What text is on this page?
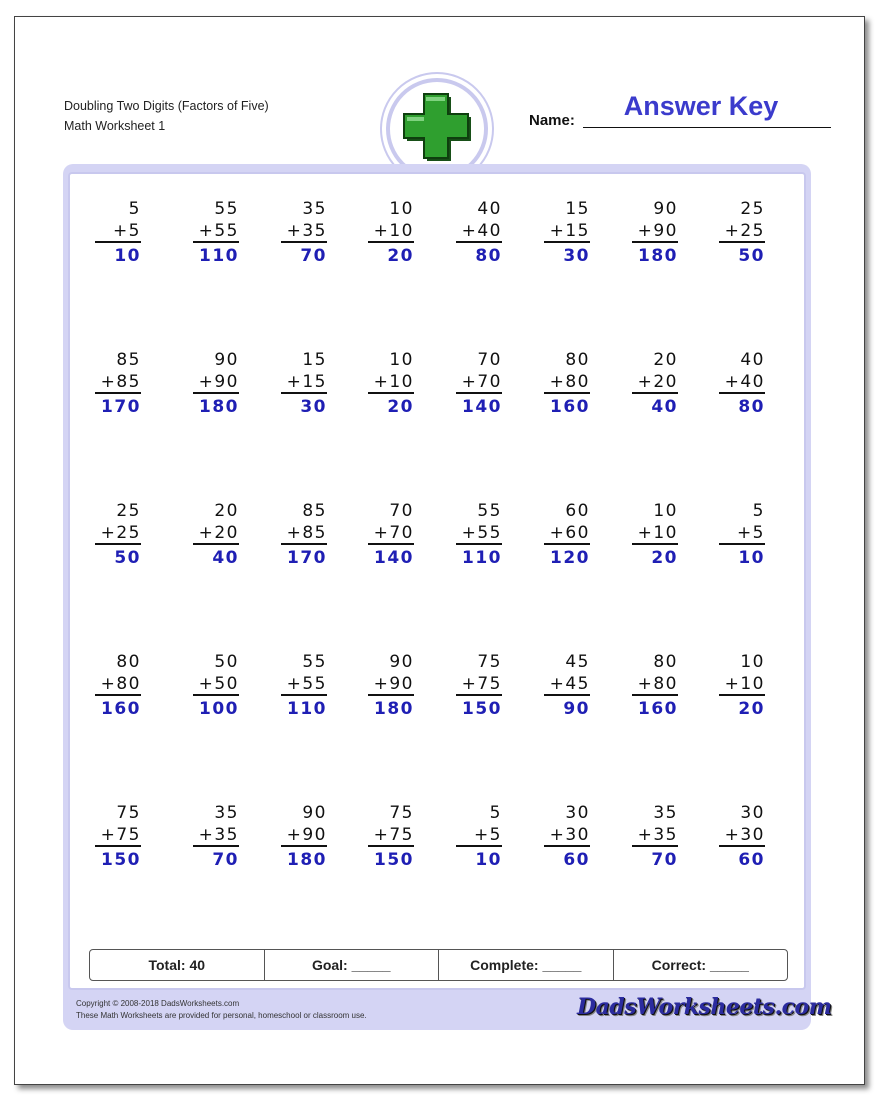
Doubling Two Digits (Factors of Five)
Math Worksheet 1	Name:	Answer Key
5
+5
10
55
+55
110
35
+35
70
10
+10
20
40
+40
80
15
+15
30
90
+90
180
25
+25
50
85
+85
170
90
+90
180
15
+15
30
10
+10
20
70
+70
140
80
+80
160
20
+20
40
40
+40
80
25
+25
50
20
+20
40
85
+85
170
70
+70
140
55
+55
110
60
+60
120
10
+10
20
5
+5
10
80
+80
160
50
+50
100
55
+55
110
90
+90
180
75
+75
150
45
+45
90
80
+80
160
10
+10
20
75
+75
150
35
+35
70
90
+90
180
75
+75
150
5
+5
10
30
+30
60
35
+35
70
30
+30
60
Total: 40	Goal: _____	Complete: _____	Correct: _____
Copyright © 2008-2018 DadsWorksheets.com
These Math Worksheets are provided for personal, homeschool or classroom use.	DadsWorksheets.com
